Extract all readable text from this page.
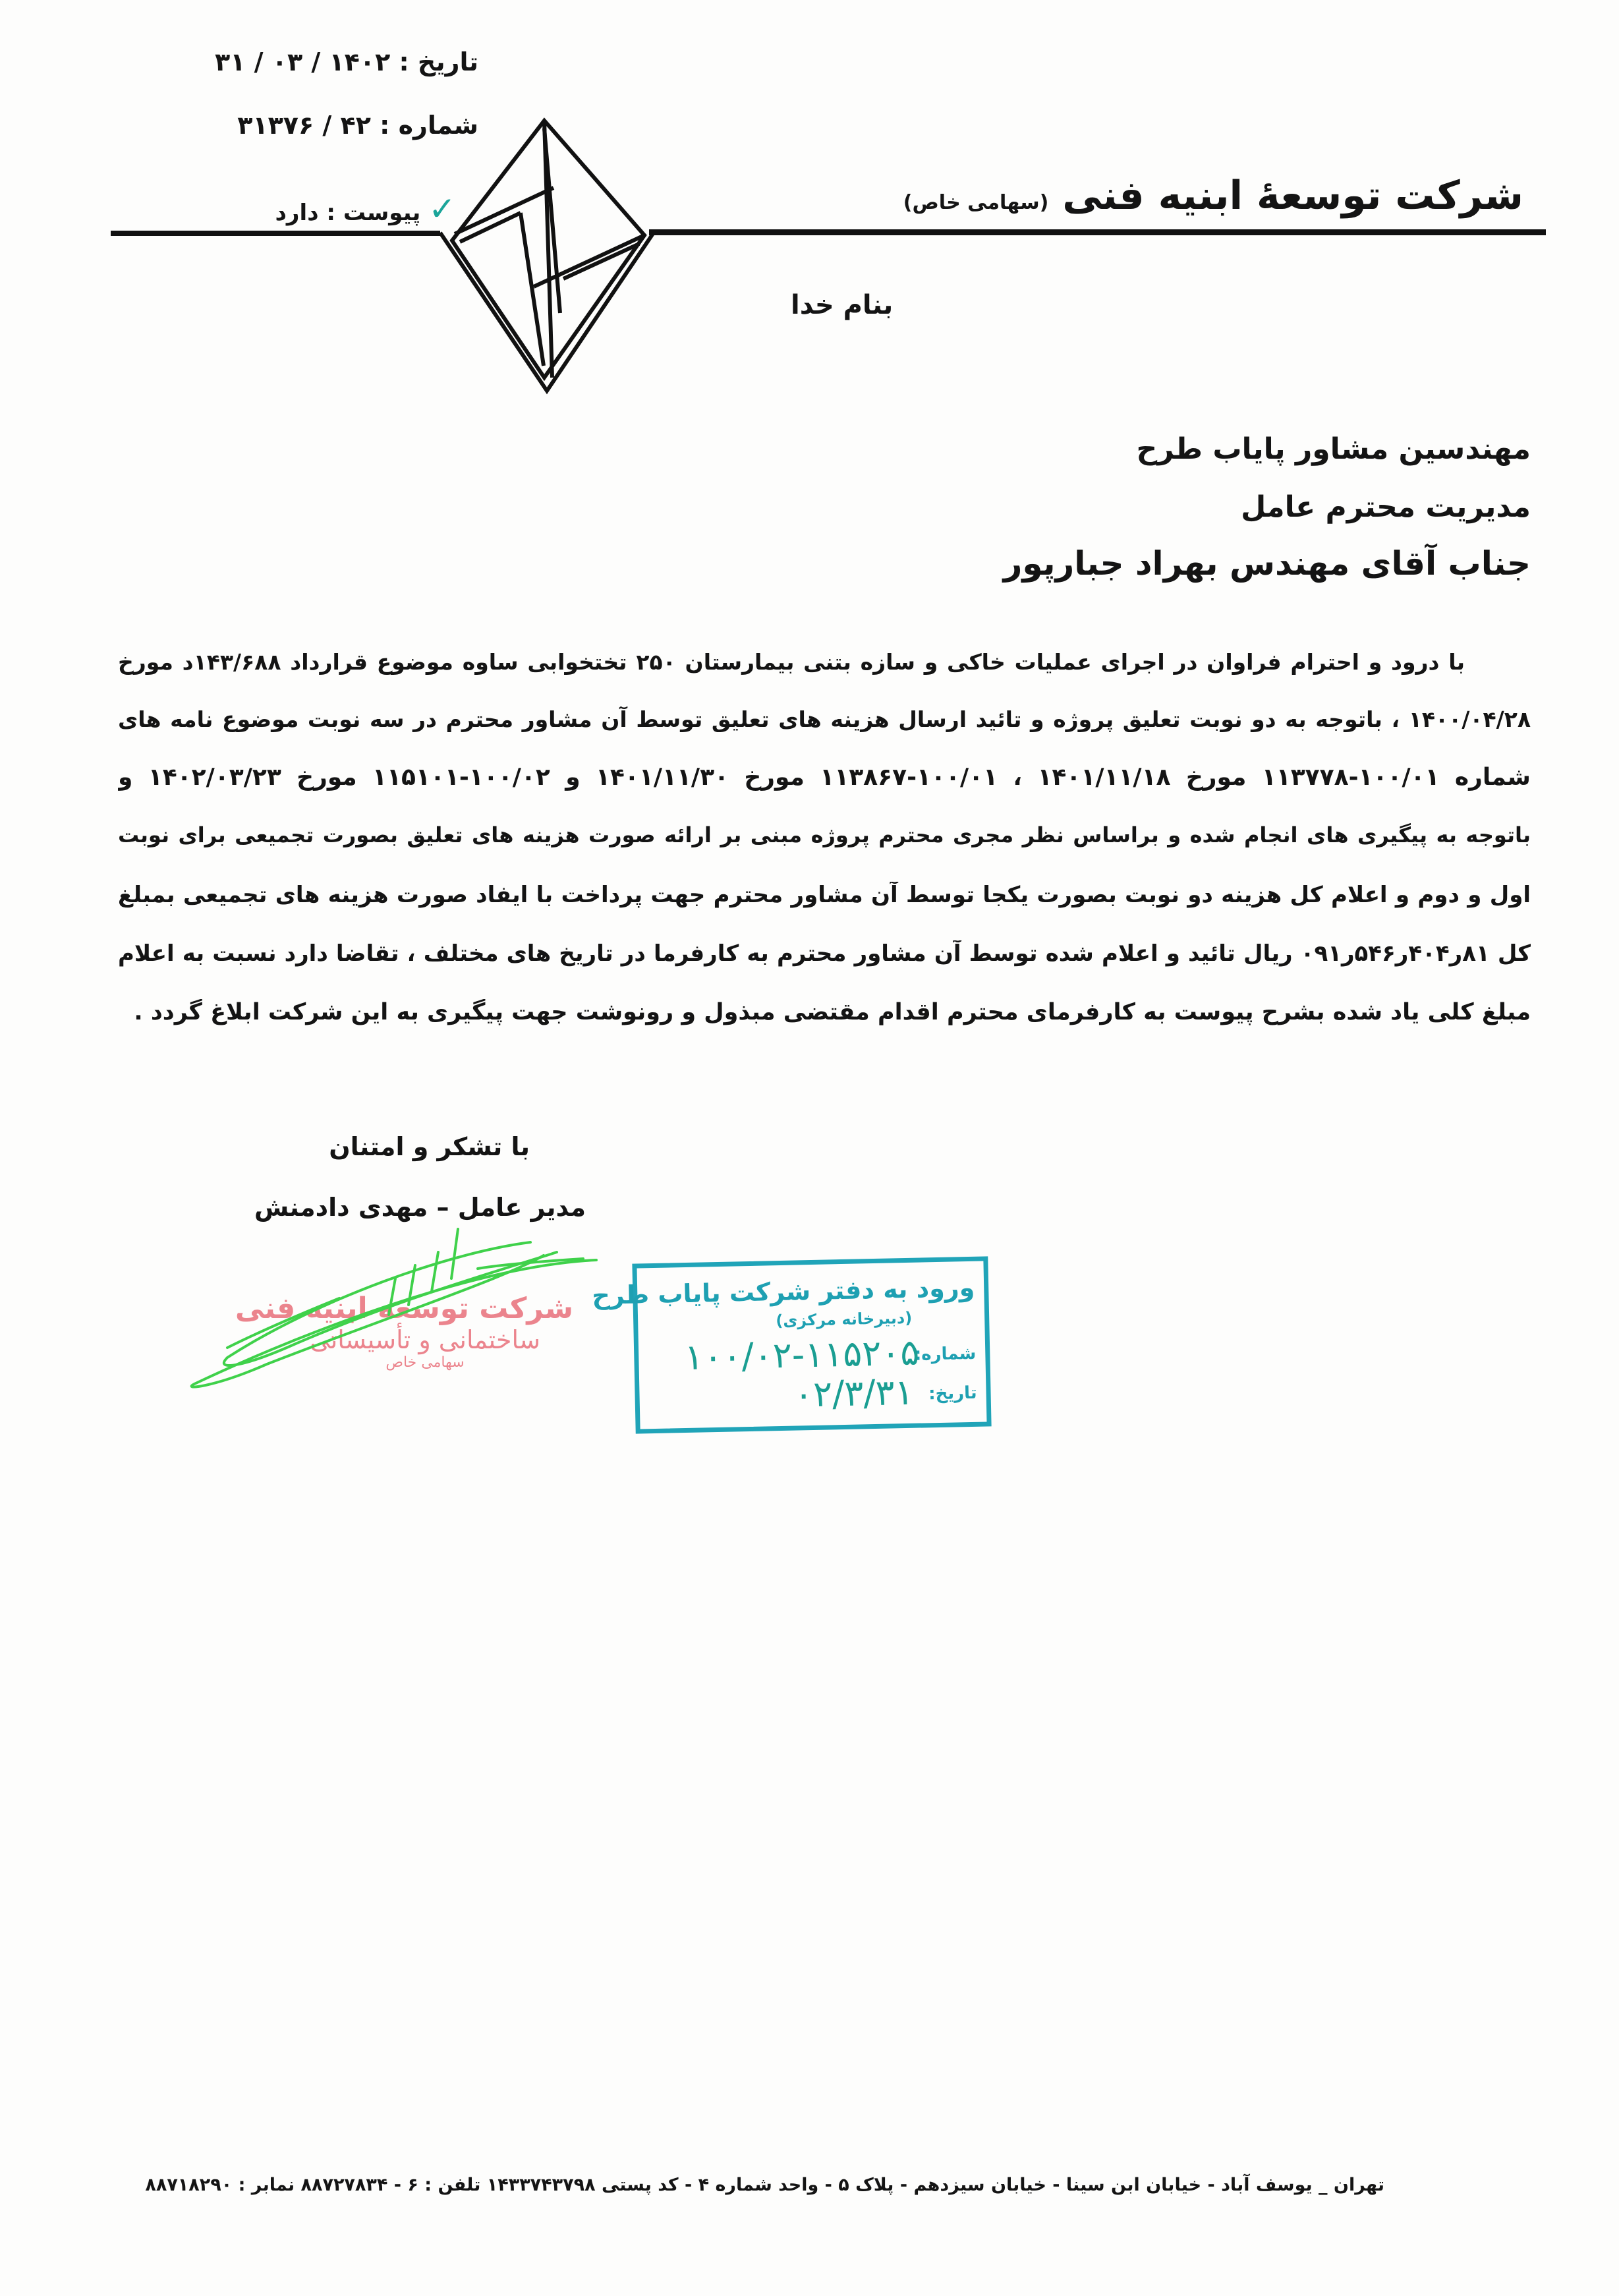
تاریخ : ۱۴۰۲ / ۰۳ / ۳۱
شماره : ۴۲ / ۳۱۳۷۶
✓ پیوست : دارد	شرکت توسعهٔ ابنیه فنی (سهامی خاص)
بنام خدا
مهندسین مشاور پایاب طرح
مدیریت محترم عامل
جناب آقای مهندس بهراد جبارپور
با درود و احترام فراوان در اجرای عملیات خاکی و سازه بتنی بیمارستان ۲۵۰ تختخوابی ساوه موضوع قرارداد ۱۴۳/۶۸۸د مورخ
۱۴۰۰/۰۴/۲۸ ، باتوجه به دو نوبت تعلیق پروژه و تائید ارسال هزینه های تعلیق توسط آن مشاور محترم در سه نوبت موضوع نامه های
شماره ۱۰۰/۰۱-۱۱۳۷۷۸ مورخ ۱۴۰۱/۱۱/۱۸ ، ۱۰۰/۰۱-۱۱۳۸۶۷ مورخ ۱۴۰۱/۱۱/۳۰ و ۱۰۰/۰۲-۱۱۵۱۰۱ مورخ ۱۴۰۲/۰۳/۲۳ و
باتوجه به پیگیری های انجام شده و براساس نظر مجری محترم پروژه مبنی بر ارائه صورت هزینه های تعلیق بصورت تجمیعی برای نوبت
اول و دوم و اعلام کل هزینه دو نوبت بصورت یکجا توسط آن مشاور محترم جهت پرداخت با ایفاد صورت هزینه های تجمیعی بمبلغ
کل ۸۱ر۴۰۴ر۵۴۶ر۰۹۱ ریال تائید و اعلام شده توسط آن مشاور محترم به کارفرما در تاریخ های مختلف ، تقاضا دارد نسبت به اعلام
مبلغ کلی یاد شده بشرح پیوست به کارفرمای محترم اقدام مقتضی مبذول و رونوشت جهت پیگیری به این شرکت ابلاغ گردد .
با تشکر و امتنان
مدیر عامل – مهدی دادمنش
شرکت توسعه ابنیه فنی
ساختمانی و تأسیساتی
سهامی خاص
ورود به دفتر شرکت پایاب طرح
(دبیرخانه مرکزی)
شماره:
۱۰۰/۰۲-۱۱۵۲۰۵
تاریخ:
۰۲/۳/۳۱
تهران _ یوسف آباد - خیابان ابن سینا - خیابان سیزدهم - پلاک ۵ - واحد شماره ۴ - کد پستی ۱۴۳۳۷۴۳۷۹۸ تلفن : ۶ - ۸۸۷۲۷۸۳۴ نمابر : ۸۸۷۱۸۲۹۰
